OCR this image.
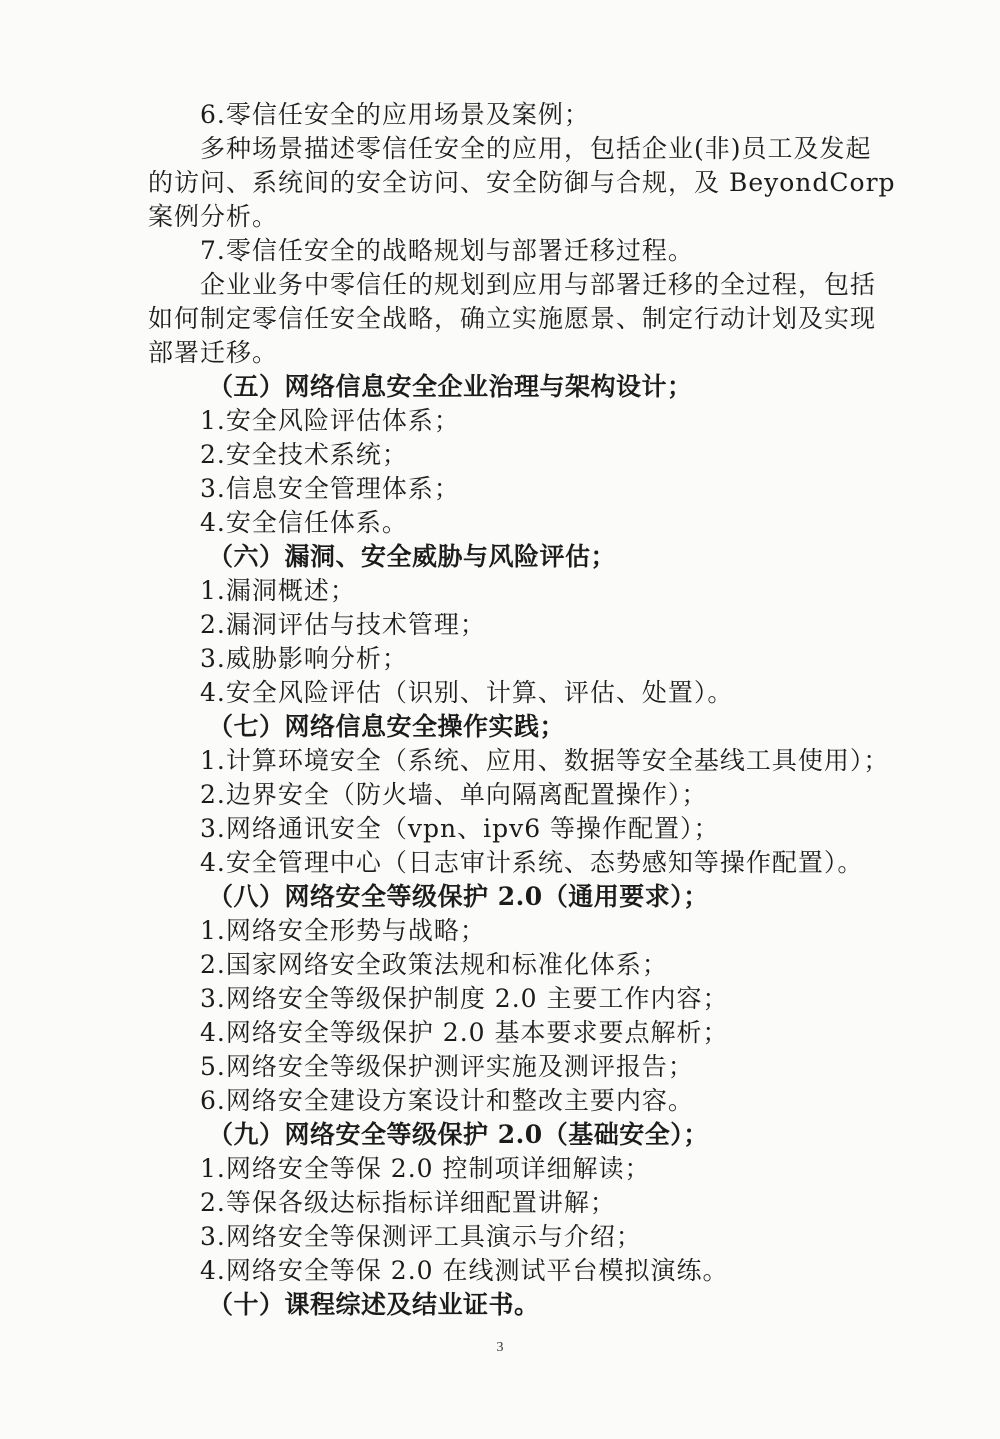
6.零信任安全的应用场景及案例；
多种场景描述零信任安全的应用，包括企业(非)员工及发起
的访问、系统间的安全访问、安全防御与合规，及 BeyondCorp
案例分析。
7.零信任安全的战略规划与部署迁移过程。
企业业务中零信任的规划到应用与部署迁移的全过程，包括
如何制定零信任安全战略，确立实施愿景、制定行动计划及实现
部署迁移。
（五）网络信息安全企业治理与架构设计；
1.安全风险评估体系；
2.安全技术系统；
3.信息安全管理体系；
4.安全信任体系。
（六）漏洞、安全威胁与风险评估；
1.漏洞概述；
2.漏洞评估与技术管理；
3.威胁影响分析；
4.安全风险评估（识别、计算、评估、处置）。
（七）网络信息安全操作实践；
1.计算环境安全（系统、应用、数据等安全基线工具使用）；
2.边界安全（防火墙、单向隔离配置操作）；
3.网络通讯安全（vpn、ipv6 等操作配置）；
4.安全管理中心（日志审计系统、态势感知等操作配置）。
（八）网络安全等级保护 2.0（通用要求）；
1.网络安全形势与战略；
2.国家网络安全政策法规和标准化体系；
3.网络安全等级保护制度 2.0 主要工作内容；
4.网络安全等级保护 2.0 基本要求要点解析；
5.网络安全等级保护测评实施及测评报告；
6.网络安全建设方案设计和整改主要内容。
（九）网络安全等级保护 2.0（基础安全）；
1.网络安全等保 2.0 控制项详细解读；
2.等保各级达标指标详细配置讲解；
3.网络安全等保测评工具演示与介绍；
4.网络安全等保 2.0 在线测试平台模拟演练。
（十）课程综述及结业证书。
3
